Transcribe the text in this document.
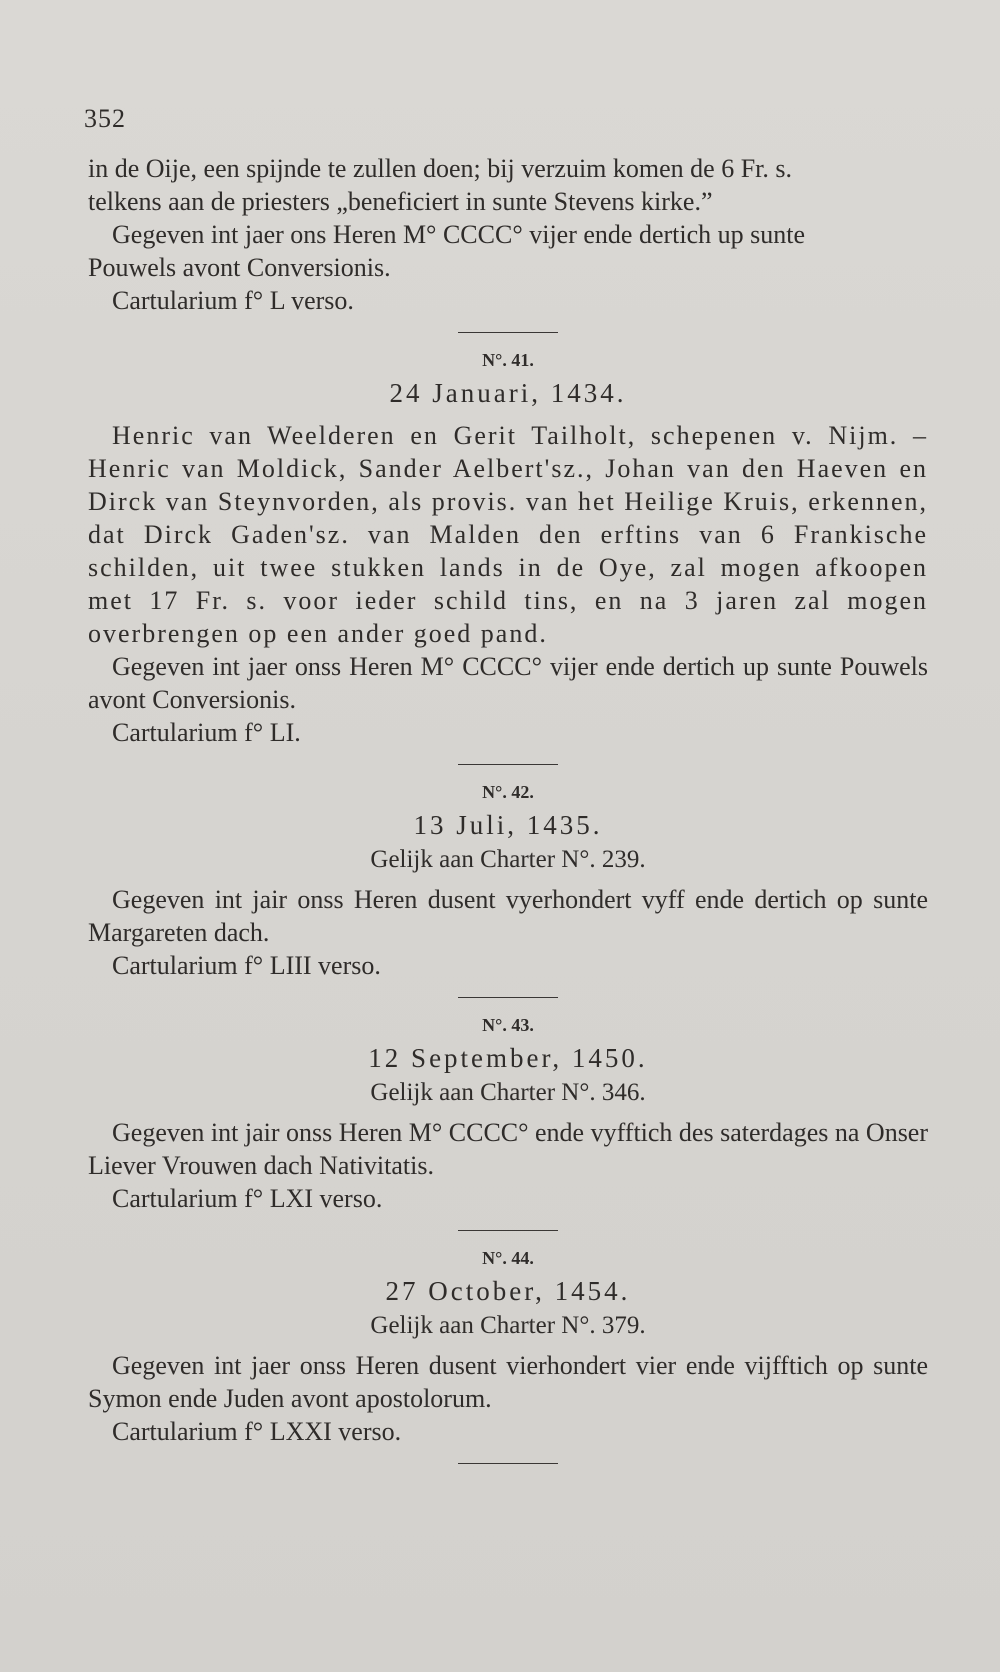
352

in de Oije, een spijnde te zullen doen; bij verzuim komen de 6 Fr. s.

telkens aan de priesters „beneficiert in sunte Stevens kirke.”

Gegeven int jaer ons Heren M° CCCC° vijer ende dertich up sunte

Pouwels avont Conversionis.

Cartularium f° L verso.

N°. 41.
24 Januari, 1434.

Henric van Weelderen en Gerit Tailholt, schepenen v. Nijm. – Henric van Moldick, Sander Aelbert'sz., Johan van den Haeven en Dirck van Steynvorden, als provis. van het Heilige Kruis, erkennen, dat Dirck Gaden'sz. van Malden den erftins van 6 Frankische schilden, uit twee stukken lands in de Oye, zal mogen afkoopen met 17 Fr. s. voor ieder schild tins, en na 3 jaren zal mogen overbrengen op een ander goed pand.

Gegeven int jaer onss Heren M° CCCC° vijer ende dertich up sunte Pouwels avont Conversionis.

Cartularium f° LI.

N°. 42.
13 Juli, 1435.
Gelijk aan Charter N°. 239.

Gegeven int jair onss Heren dusent vyerhondert vyff ende dertich op sunte Margareten dach.

Cartularium f° LIII verso.

N°. 43.
12 September, 1450.
Gelijk aan Charter N°. 346.

Gegeven int jair onss Heren M° CCCC° ende vyfftich des saterdages na Onser Liever Vrouwen dach Nativitatis.

Cartularium f° LXI verso.

N°. 44.
27 October, 1454.
Gelijk aan Charter N°. 379.

Gegeven int jaer onss Heren dusent vierhondert vier ende vijfftich op sunte Symon ende Juden avont apostolorum.

Cartularium f° LXXI verso.
